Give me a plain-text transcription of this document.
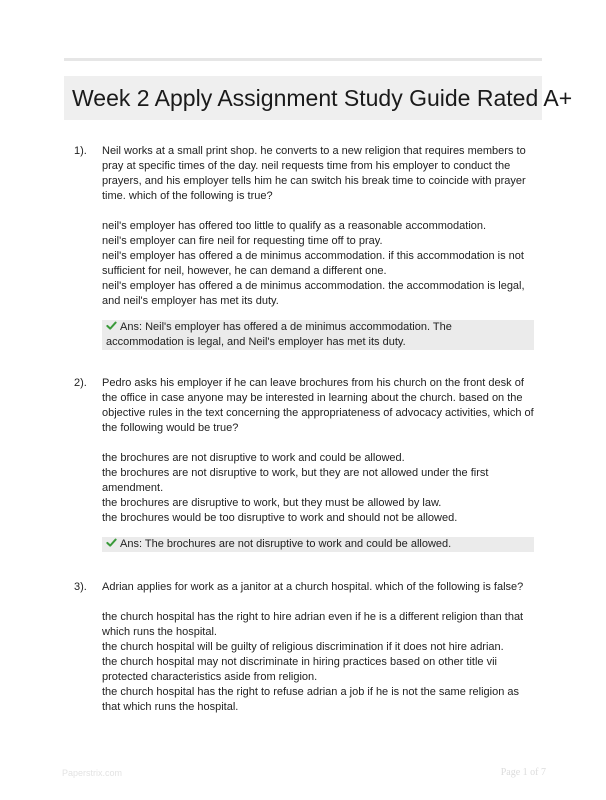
Week 2 Apply Assignment Study Guide Rated A+
1).	Neil works at a small print shop. he converts to a new religion that requires members to pray at specific times of the day. neil requests time from his employer to conduct the prayers, and his employer tells him he can switch his break time to coincide with prayer time. which of the following is true?

neil's employer has offered too little to qualify as a reasonable accommodation.

neil's employer can fire neil for requesting time off to pray.

neil's employer has offered a de minimus accommodation. if this accommodation is not sufficient for neil, however, he can demand a different one.

neil's employer has offered a de minimus accommodation. the accommodation is legal, and neil's employer has met its duty.

Ans: Neil's employer has offered a de minimus accommodation. The accommodation is legal, and Neil's employer has met its duty.
2).	Pedro asks his employer if he can leave brochures from his church on the front desk of the office in case anyone may be interested in learning about the church. based on the objective rules in the text concerning the appropriateness of advocacy activities, which of the following would be true?

the brochures are not disruptive to work and could be allowed.

the brochures are not disruptive to work, but they are not allowed under the first amendment.

the brochures are disruptive to work, but they must be allowed by law.

the brochures would be too disruptive to work and should not be allowed.

Ans: The brochures are not disruptive to work and could be allowed.
3).	Adrian applies for work as a janitor at a church hospital. which of the following is false?

the church hospital has the right to hire adrian even if he is a different religion than that which runs the hospital.

the church hospital will be guilty of religious discrimination if it does not hire adrian.

the church hospital may not discriminate in hiring practices based on other title vii protected characteristics aside from religion.

the church hospital has the right to refuse adrian a job if he is not the same religion as that which runs the hospital.

Paperstrix.com	Page 1 of 7
